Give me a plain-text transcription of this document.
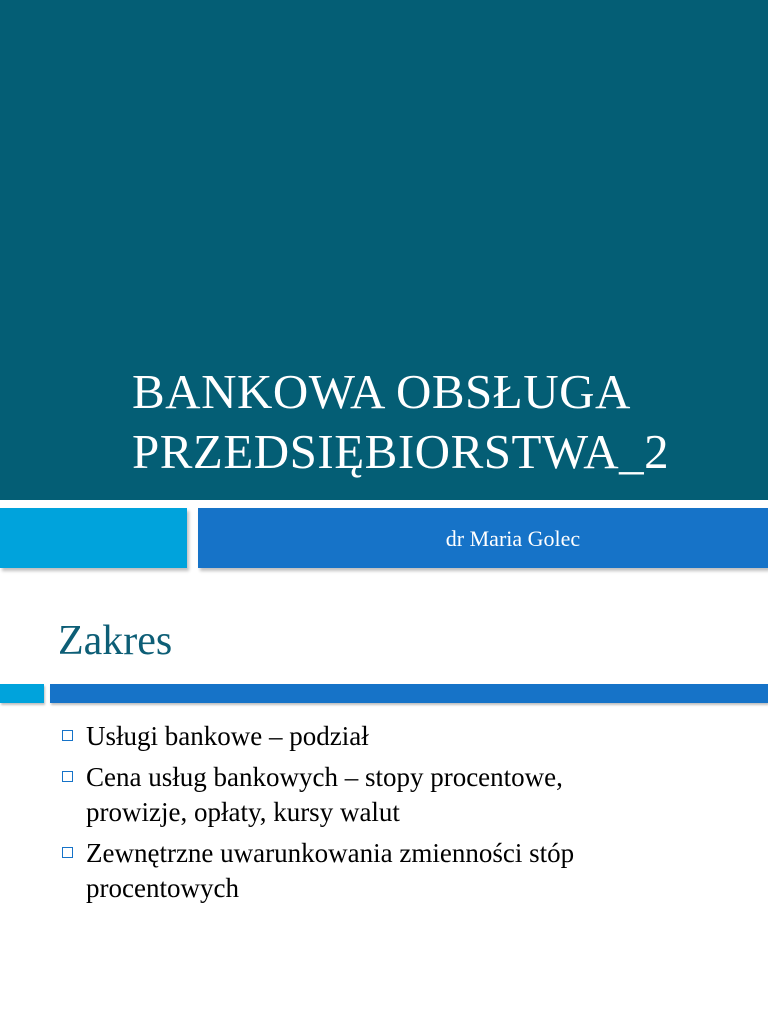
BANKOWA OBSŁUGA
PRZEDSIĘBIORSTWA_2
dr Maria Golec
Zakres
Usługi bankowe – podział
Cena usług bankowych – stopy procentowe,
prowizje, opłaty, kursy walut
Zewnętrzne uwarunkowania zmienności stóp
procentowych
